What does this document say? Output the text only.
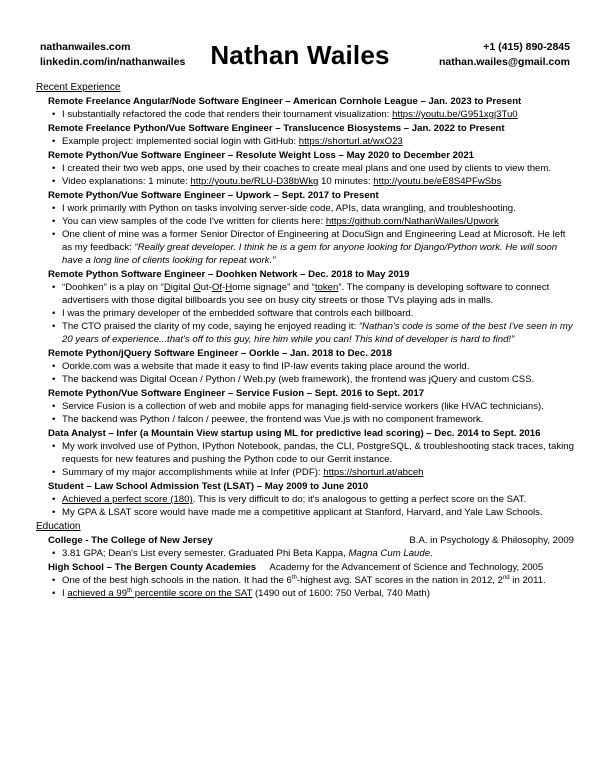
nathanwailes.com
linkedin.com/in/nathanwailes Nathan Wailes	+1 (415) 890-2845
nathan.wailes@gmail.com
Recent Experience
Remote Freelance Angular/Node Software Engineer – American Cornhole League – Jan. 2023 to Present
• I substantially refactored the code that renders their tournament visualization: https://youtu.be/G951xgj3Tu0
Remote Freelance Python/Vue Software Engineer – Translucence Biosystems – Jan. 2022 to Present
• Example project: implemented social login with GitHub: https://shorturl.at/wxO23
Remote Python/Vue Software Engineer – Resolute Weight Loss – May 2020 to December 2021
• I created their two web apps, one used by their coaches to create meal plans and one used by clients to view them.
• Video explanations: 1 minute: http://youtu.be/RLU-D38bWkg 10 minutes: http://youtu.be/eE8S4PFwSbs
Remote Python/Vue Software Engineer – Upwork – Sept. 2017 to Present
• I work primarily with Python on tasks involving server-side code, APIs, data wrangling, and troubleshooting.
• You can view samples of the code I've written for clients here: https://github.com/NathanWailes/Upwork
• One client of mine was a former Senior Director of Engineering at DocuSign and Engineering Lead at Microsoft. He left as my feedback: “Really great developer. I think he is a gem for anyone looking for Django/Python work. He will soon have a long line of clients looking for repeat work.”
Remote Python Software Engineer – Doohken Network – Dec. 2018 to May 2019
• “Doohken” is a play on “Digital Out-Of-Home signage” and “token”. The company is developing software to connect advertisers with those digital billboards you see on busy city streets or those TVs playing ads in malls.
• I was the primary developer of the embedded software that controls each billboard.
• The CTO praised the clarity of my code, saying he enjoyed reading it: “Nathan's code is some of the best I've seen in my 20 years of experience...that's off to this guy, hire him while you can! This kind of developer is hard to find!”
Remote Python/jQuery Software Engineer – Oorkle – Jan. 2018 to Dec. 2018
• Oorkle.com was a website that made it easy to find IP-law events taking place around the world.
• The backend was Digital Ocean / Python / Web.py (web framework), the frontend was jQuery and custom CSS.
Remote Python/Vue Software Engineer – Service Fusion – Sept. 2016 to Sept. 2017
• Service Fusion is a collection of web and mobile apps for managing field-service workers (like HVAC technicians).
• The backend was Python / falcon / peewee, the frontend was Vue.js with no component framework.
Data Analyst – Infer (a Mountain View startup using ML for predictive lead scoring) – Dec. 2014 to Sept. 2016
• My work involved use of Python, IPython Notebook, pandas, the CLI, PostgreSQL, & troubleshooting stack traces, taking requests for new features and pushing the Python code to our Gerrit instance.
• Summary of my major accomplishments while at Infer (PDF): https://shorturl.at/abceh
Student – Law School Admission Test (LSAT) – May 2009 to June 2010
• Achieved a perfect score (180). This is very difficult to do; it's analogous to getting a perfect score on the SAT.
• My GPA & LSAT score would have made me a competitive applicant at Stanford, Harvard, and Yale Law Schools.
Education
College - The College of New Jersey	B.A. in Psychology & Philosophy, 2009
• 3.81 GPA; Dean's List every semester. Graduated Phi Beta Kappa, Magna Cum Laude.
High School – The Bergen County Academies Academy for the Advancement of Science and Technology, 2005
• One of the best high schools in the nation. It had the 6th-highest avg. SAT scores in the nation in 2012, 2nd in 2011.
• I achieved a 99th percentile score on the SAT (1490 out of 1600: 750 Verbal, 740 Math)
